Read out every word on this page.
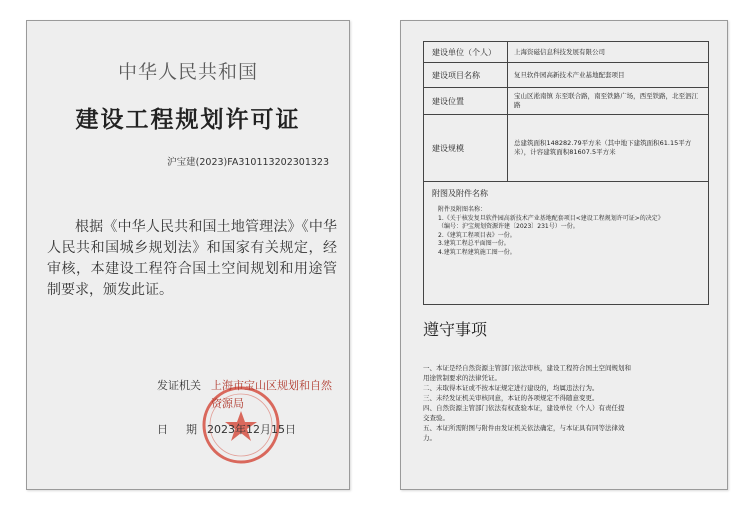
中华人民共和国
建设工程规划许可证
沪宝建(2023)FA310113202301323

根据《中华人民共和国土地管理法》《中华人民共和国城乡规划法》和国家有关规定，经审核，本建设工程符合国土空间规划和用途管制要求，颁发此证。

发证机关 上海市宝山区规划和自然资源局
日期
2023年12月15日
建设单位（个人）	上海资磁信息科技发展有限公司
建设项目名称	复旦软件园高新技术产业基地配套项目
建设位置
宝山区淞南镇 东至联合路，南至铁路广场，西至铁路，北至泗江路
建设规模
总建筑面积148282.79平方米（其中地下建筑面积61.15平方米），计容建筑面积81607.5平方米
附图及附件名称
附件及附图名称：
1.《关于核发复旦软件园高新技术产业基地配套项目<建设工程规划许可证>的决定》
（编号：沪宝规划资源许建〔2023〕231号）一份。
2.《建筑工程项目表》一份。
3.建筑工程总平面图一份。
4.建筑工程建筑施工图一份。
遵守事项
一、本证是经自然资源主管部门依法审核，建设工程符合国土空间规划和
用途管制要求的法律凭证。
二、未取得本证或不按本证规定进行建设的，均属违法行为。
三、未经发证机关审核同意，本证的各项规定不得随意变更。
四、自然资源主管部门依法有权查验本证，建设单位（个人）有责任提
交查验。
五、本证所需附图与附件由发证机关依法确定，与本证具有同等法律效
力。
